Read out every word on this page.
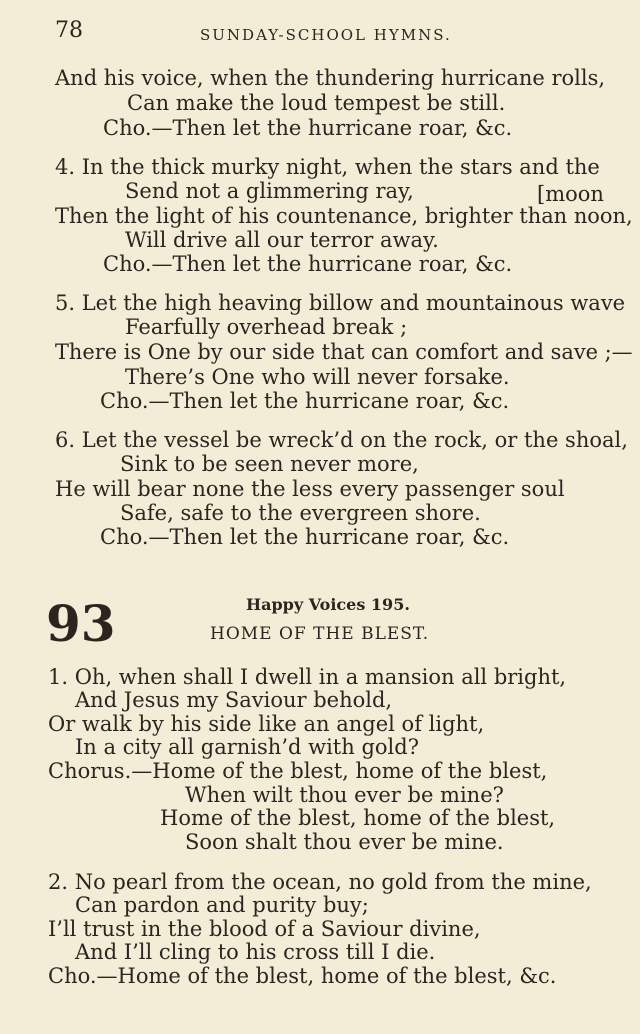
78	SUNDAY-SCHOOL HYMNS.
And his voice, when the thundering hurricane rolls,
Can make the loud tempest be still.
Cho.—Then let the hurricane roar, &c.
4. In the thick murky night, when the stars and the
Send not a glimmering ray,	[moon
Then the light of his countenance, brighter than noon,
Will drive all our terror away.
Cho.—Then let the hurricane roar, &c.
5. Let the high heaving billow and mountainous wave
Fearfully overhead break ;
There is One by our side that can comfort and save ;—
There’s One who will never forsake.
Cho.—Then let the hurricane roar, &c.
6. Let the vessel be wreck’d on the rock, or the shoal,
Sink to be seen never more,
He will bear none the less every passenger soul
Safe, safe to the evergreen shore.
Cho.—Then let the hurricane roar, &c.
93	Happy Voices 195.
HOME OF THE BLEST.
1. Oh, when shall I dwell in a mansion all bright,
And Jesus my Saviour behold,
Or walk by his side like an angel of light,
In a city all garnish’d with gold?
Chorus.—Home of the blest, home of the blest,
When wilt thou ever be mine?
Home of the blest, home of the blest,
Soon shalt thou ever be mine.
2. No pearl from the ocean, no gold from the mine,
Can pardon and purity buy;
I’ll trust in the blood of a Saviour divine,
And I’ll cling to his cross till I die.
Cho.—Home of the blest, home of the blest, &c.
